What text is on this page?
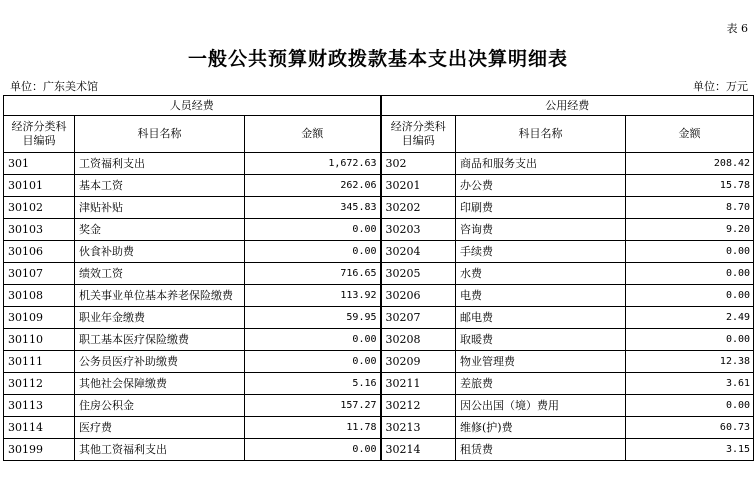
表 6
一般公共预算财政拨款基本支出决算明细表
单位：广东美术馆	单位：万元
人员经费			公用经费		
经济分类科目编码	科目名称	金额	经济分类科目编码	科目名称	金额
301	工资福利支出	1,672.63	302	商品和服务支出	208.42
30101	基本工资	262.06	30201	办公费	15.78
30102	津贴补贴	345.83	30202	印刷费	8.70
30103	奖金	0.00	30203	咨询费	9.20
30106	伙食补助费	0.00	30204	手续费	0.00
30107	绩效工资	716.65	30205	水费	0.00
30108	机关事业单位基本养老保险缴费	113.92	30206	电费	0.00
30109	职业年金缴费	59.95	30207	邮电费	2.49
30110	职工基本医疗保险缴费	0.00	30208	取暖费	0.00
30111	公务员医疗补助缴费	0.00	30209	物业管理费	12.38
30112	其他社会保障缴费	5.16	30211	差旅费	3.61
30113	住房公积金	157.27	30212	因公出国（境）费用	0.00
30114	医疗费	11.78	30213	维修(护)费	60.73
30199	其他工资福利支出	0.00	30214	租赁费	3.15
